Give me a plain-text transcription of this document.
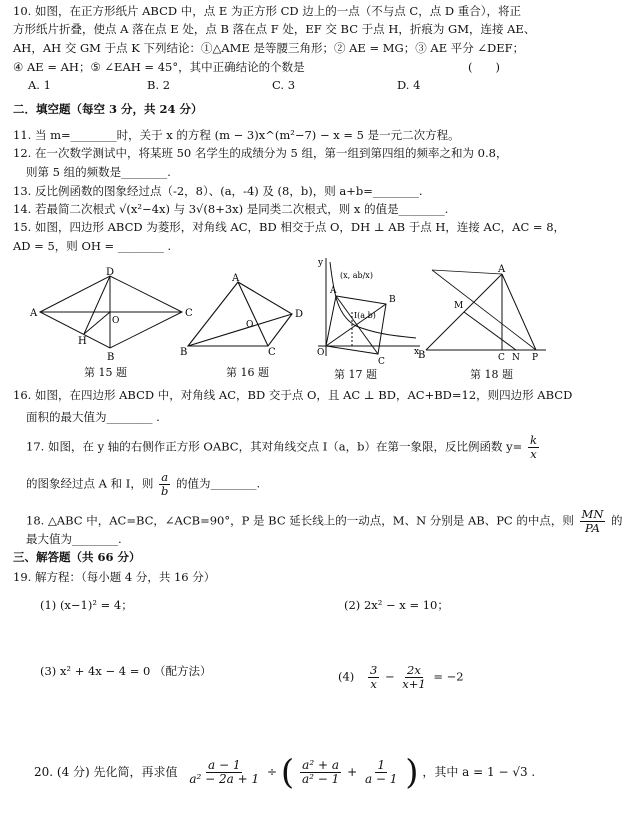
10. 如图，在正方形纸片 ABCD 中，点 E 为正方形 CD 边上的一点（不与点 C，点 D 重合），将正
方形纸片折叠，使点 A 落在点 E 处，点 B 落在点 F 处，EF 交 BC 于点 H，折痕为 GM，连接 AE、
AH，AH 交 GM 于点 K 下列结论：①△AME 是等腰三角形；② AE = MG；③ AE 平分 ∠DEF；
④ AE = AH；⑤ ∠EAH = 45°，其中正确结论的个数是	(　　)
A. 1	B. 2	C. 3	D. 4
二．填空题（每空 3 分，共 24 分）
11. 当 m=________时，关于 x 的方程 (m − 3)x^(m²−7) − x = 5 是一元二次方程。
12. 在一次数学测试中，将某班 50 名学生的成绩分为 5 组，第一组到第四组的频率之和为 0.8，
则第 5 组的频数是________.
13. 反比例函数的图象经过点（-2，8）、(a，-4) 及 (8，b)，则 a+b=________.
14. 若最简二次根式 √(x²−4x) 与 3√(8+3x) 是同类二次根式，则 x 的值是________.
15. 如图，四边形 ABCD 为菱形，对角线 AC，BD 相交于点 O，DH ⊥ AB 于点 H，连接 AC，AC = 8，
AD = 5，则 OH = ________ .
A
D
C
B
H
O
第 15 题
A
D
B	C
O
第 16 题
y
x
O
A
B
C
I(a,b)
(x, ab/x)
第 17 题
A
B	C N P
M
第 18 题
16. 如图，在四边形 ABCD 中，对角线 AC，BD 交于点 O，且 AC ⊥ BD，AC+BD=12，则四边形 ABCD
面积的最大值为________ .
17. 如图，在 y 轴的右侧作正方形 OABC，其对角线交点 I（a，b）在第一象限，反比例函数 $y= \frac{k}{x}$
的图象经过点 A 和 I，则 $\frac{a}{b}$ 的值为________.
18. △ABC 中，AC=BC，∠ACB=90°，P 是 BC 延长线上的一动点，M、N 分别是 AB、PC 的中点，则 $\frac{MN}{PA}$ 的
最大值为________.
三、解答题（共 66 分）
19. 解方程：（每小题 4 分，共 16 分）
(1) (x−1)² = 4；	(2) 2x² − x = 10；
(3) x² + 4x − 4 = 0 （配方法）	$(4) \frac{3}{x} - \frac{2x}{x+1} = -2$
20. (4 分) 先化简，再求值 $\frac{a - 1}{\text{a² − 2a + 1}}$ ÷ ( $\frac{\text{a² + a}}{\text{a² − 1}} + \frac{1}{a - 1}$ ) ，其中 a = 1 − √3 .
